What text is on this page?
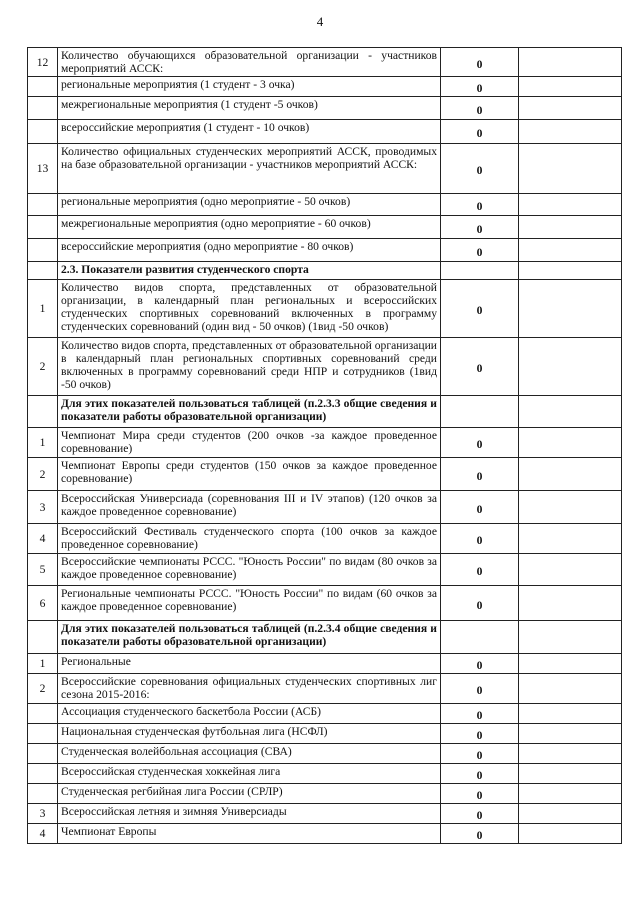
4
12	Количество обучающихся образовательной организации - участников мероприятий АССК:	0	
	региональные мероприятия (1 студент - 3 очка)	0	
	межрегиональные мероприятия (1 студент -5 очков)	0	
	всероссийские мероприятия (1 студент - 10 очков)	0	
13	Количество официальных студенческих мероприятий АССК, проводимых на базе образовательной организации - участников мероприятий АССК:	0	
	региональные мероприятия (одно мероприятие - 50 очков)	0	
	межрегиональные мероприятия (одно мероприятие - 60 очков)	0	
	всероссийские мероприятия (одно мероприятие - 80 очков)	0	
	2.3. Показатели развития студенческого спорта		
1	Количество видов спорта, представленных от образовательной организации, в календарный план региональных и всероссийских студенческих спортивных соревнований включенных в программу студенческих соревнований (один вид - 50 очков) (1вид -50 очков)	0	
2	Количество видов спорта, представленных от образовательной организации в календарный план региональных спортивных соревнований среди включенных в программу соревнований среди НПР и сотрудников (1вид -50 очков)	0	
	Для этих показателей пользоваться таблицей (п.2.3.3 общие сведения и показатели работы образовательной организации)		
1	Чемпионат Мира среди студентов (200 очков -за каждое проведенное соревнование)	0	
2	Чемпионат Европы среди студентов (150 очков за каждое проведенное соревнование)	0	
3	Всероссийская Универсиада (соревнования III и IV этапов) (120 очков за каждое проведенное соревнование)	0	
4	Всероссийский Фестиваль студенческого спорта (100 очков за каждое проведенное соревнование)	0	
5	Всероссийские чемпионаты РССС. "Юность России" по видам (80 очков за каждое проведенное соревнование)	0	
6	Региональные чемпионаты РССС. "Юность России" по видам (60 очков за каждое проведенное соревнование)	0	
	Для этих показателей пользоваться таблицей (п.2.3.4 общие сведения и показатели работы образовательной организации)		
1	Региональные	0	
2	Всероссийские соревнования официальных студенческих спортивных лиг сезона 2015-2016:	0	
	Ассоциация студенческого баскетбола России (АСБ)	0	
	Национальная студенческая футбольная лига (НСФЛ)	0	
	Студенческая волейбольная ассоциация (СВА)	0	
	Всероссийская студенческая хоккейная лига	0	
	Студенческая регбийная лига России (СРЛР)	0	
3	Всероссийская летняя и зимняя Универсиады	0	
4	Чемпионат Европы	0	
